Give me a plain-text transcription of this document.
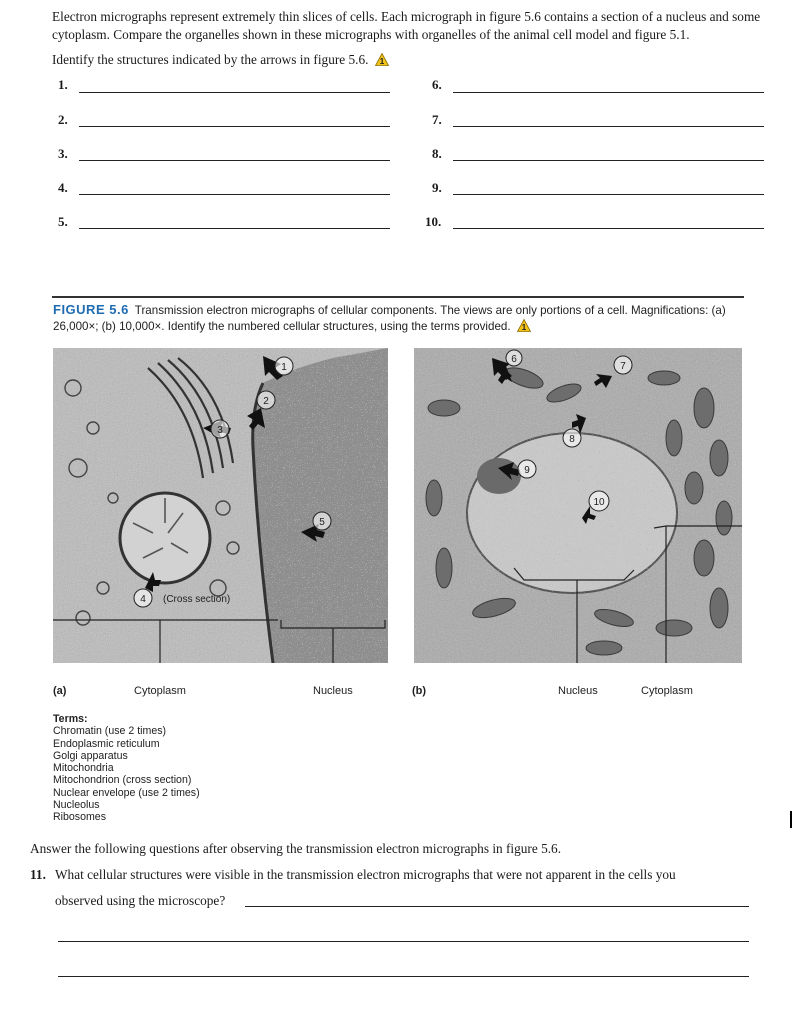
Electron micrographs represent extremely thin slices of cells. Each micrograph in figure 5.6 contains a section of a nucleus and some cytoplasm. Compare the organelles shown in these micrographs with organelles of the animal cell model and figure 5.1.
Identify the structures indicated by the arrows in figure 5.6. 1
1.
2.
3.
4.
5.
6.
7.
8.
9.
10.
FIGURE 5.6 Transmission electron micrographs of cellular components. The views are only portions of a cell. Magnifications: (a) 26,000×; (b) 10,000×. Identify the numbered cellular structures, using the terms provided. 1
1
2
3
4
5
(Cross section)
6
7
8
9
10
(a)	Cytoplasm	Nucleus	(b)	Nucleus	Cytoplasm
Terms:
Chromatin (use 2 times)
Endoplasmic reticulum
Golgi apparatus
Mitochondria
Mitochondrion (cross section)
Nuclear envelope (use 2 times)
Nucleolus
Ribosomes
Answer the following questions after observing the transmission electron micrographs in figure 5.6.
11. What cellular structures were visible in the transmission electron micrographs that were not apparent in the cells you
observed using the microscope?
